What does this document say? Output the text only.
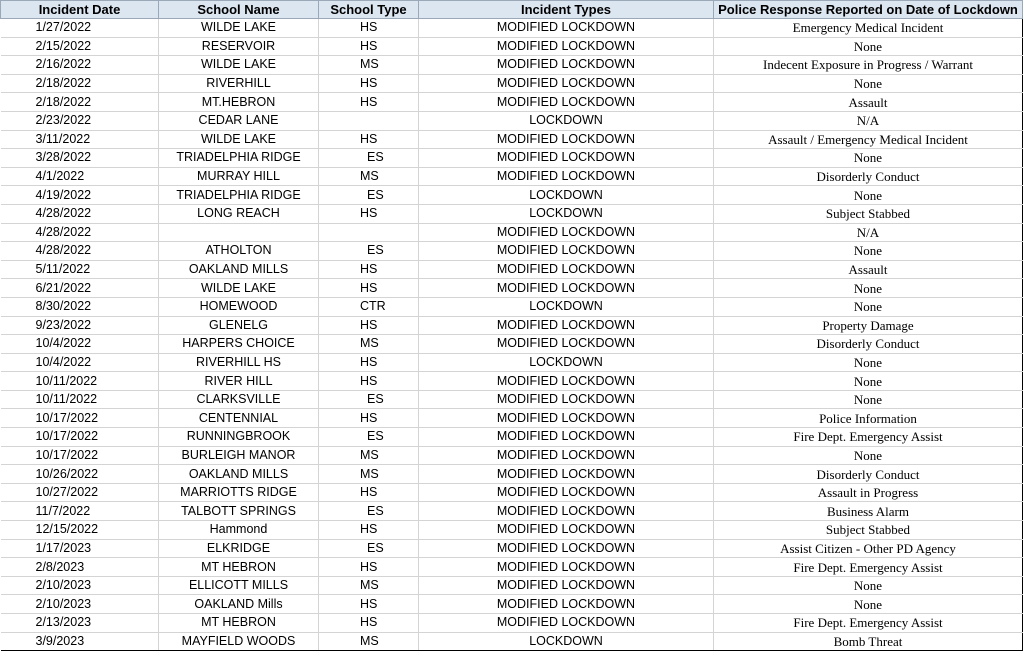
Incident Date	School Name	School Type	Incident Types	Police Response Reported on Date of Lockdown
1/27/2022	WILDE LAKE	HS	MODIFIED LOCKDOWN	Emergency Medical Incident
2/15/2022	RESERVOIR	HS	MODIFIED LOCKDOWN	None
2/16/2022	WILDE LAKE	MS	MODIFIED LOCKDOWN	Indecent Exposure in Progress / Warrant
2/18/2022	RIVERHILL	HS	MODIFIED LOCKDOWN	None
2/18/2022	MT.HEBRON	HS	MODIFIED LOCKDOWN	Assault
2/23/2022	CEDAR LANE		LOCKDOWN	N/A
3/11/2022	WILDE LAKE	HS	MODIFIED LOCKDOWN	Assault / Emergency Medical Incident
3/28/2022	TRIADELPHIA RIDGE	ES	MODIFIED LOCKDOWN	None
4/1/2022	MURRAY HILL	MS	MODIFIED LOCKDOWN	Disorderly Conduct
4/19/2022	TRIADELPHIA RIDGE	ES	LOCKDOWN	None
4/28/2022	LONG REACH	HS	LOCKDOWN	Subject Stabbed
4/28/2022			MODIFIED LOCKDOWN	N/A
4/28/2022	ATHOLTON	ES	MODIFIED LOCKDOWN	None
5/11/2022	OAKLAND MILLS	HS	MODIFIED LOCKDOWN	Assault
6/21/2022	WILDE LAKE	HS	MODIFIED LOCKDOWN	None
8/30/2022	HOMEWOOD	CTR	LOCKDOWN	None
9/23/2022	GLENELG	HS	MODIFIED LOCKDOWN	Property Damage
10/4/2022	HARPERS CHOICE	MS	MODIFIED LOCKDOWN	Disorderly Conduct
10/4/2022	RIVERHILL HS	HS	LOCKDOWN	None
10/11/2022	RIVER HILL	HS	MODIFIED LOCKDOWN	None
10/11/2022	CLARKSVILLE	ES	MODIFIED LOCKDOWN	None
10/17/2022	CENTENNIAL	HS	MODIFIED LOCKDOWN	Police Information
10/17/2022	RUNNINGBROOK	ES	MODIFIED LOCKDOWN	Fire Dept. Emergency Assist
10/17/2022	BURLEIGH MANOR	MS	MODIFIED LOCKDOWN	None
10/26/2022	OAKLAND MILLS	MS	MODIFIED LOCKDOWN	Disorderly Conduct
10/27/2022	MARRIOTTS RIDGE	HS	MODIFIED LOCKDOWN	Assault in Progress
11/7/2022	TALBOTT SPRINGS	ES	MODIFIED LOCKDOWN	Business Alarm
12/15/2022	Hammond	HS	MODIFIED LOCKDOWN	Subject Stabbed
1/17/2023	ELKRIDGE	ES	MODIFIED LOCKDOWN	Assist Citizen - Other PD Agency
2/8/2023	MT HEBRON	HS	MODIFIED LOCKDOWN	Fire Dept. Emergency Assist
2/10/2023	ELLICOTT MILLS	MS	MODIFIED LOCKDOWN	None
2/10/2023	OAKLAND Mills	HS	MODIFIED LOCKDOWN	None
2/13/2023	MT HEBRON	HS	MODIFIED LOCKDOWN	Fire Dept. Emergency Assist
3/9/2023	MAYFIELD WOODS	MS	LOCKDOWN	Bomb Threat
